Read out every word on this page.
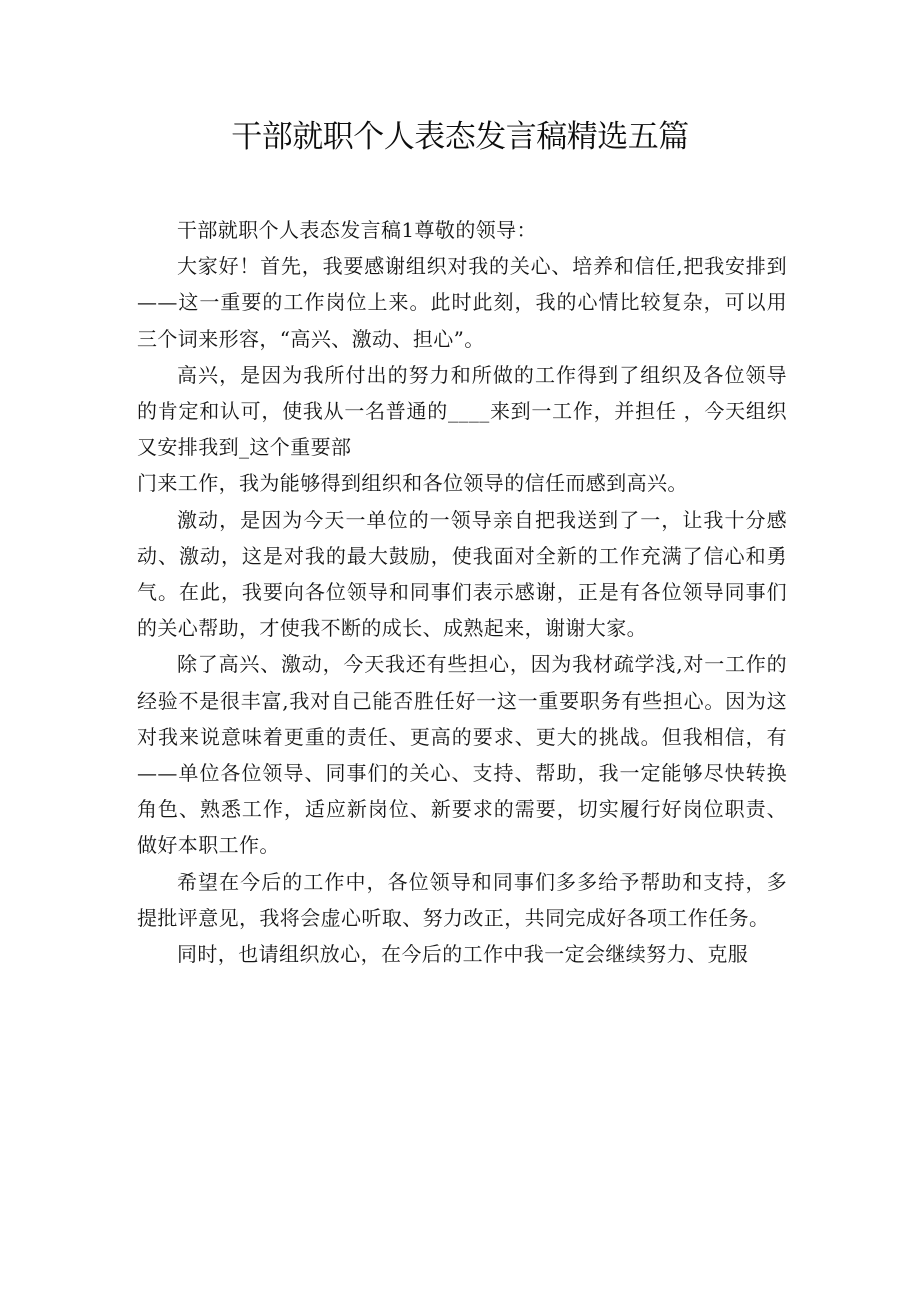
干部就职个人表态发言稿精选五篇

干部就职个人表态发言稿1尊敬的领导：

大家好！首先，我要感谢组织对我的关心、培养和信任,把我安排到——这一重要的工作岗位上来。此时此刻，我的心情比较复杂，可以用三个词来形容，“高兴、激动、担心”。

高兴，是因为我所付出的努力和所做的工作得到了组织及各位领导的肯定和认可，使我从一名普通的____来到一工作，并担任 ，今天组织又安排我到_这个重要部

门来工作，我为能够得到组织和各位领导的信任而感到高兴。

激动，是因为今天一单位的一领导亲自把我送到了一，让我十分感动、激动，这是对我的最大鼓励，使我面对全新的工作充满了信心和勇气。在此，我要向各位领导和同事们表示感谢，正是有各位领导同事们的关心帮助，才使我不断的成长、成熟起来，谢谢大家。

除了高兴、激动，今天我还有些担心，因为我材疏学浅,对一工作的经验不是很丰富,我对自己能否胜任好一这一重要职务有些担心。因为这对我来说意味着更重的责任、更高的要求、更大的挑战。但我相信，有——单位各位领导、同事们的关心、支持、帮助，我一定能够尽快转换角色、熟悉工作，适应新岗位、新要求的需要，切实履行好岗位职责、做好本职工作。

希望在今后的工作中，各位领导和同事们多多给予帮助和支持，多提批评意见，我将会虚心听取、努力改正，共同完成好各项工作任务。

同时，也请组织放心，在今后的工作中我一定会继续努力、克服
